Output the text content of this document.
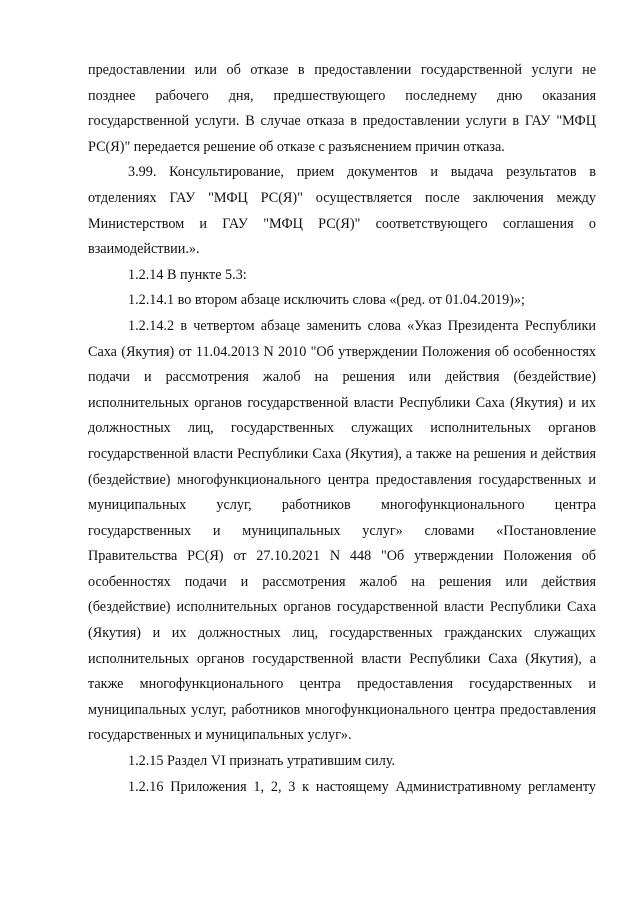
предоставлении или об отказе в предоставлении государственной услуги не позднее рабочего дня, предшествующего последнему дню оказания государственной услуги. В случае отказа в предоставлении услуги в ГАУ "МФЦ РС(Я)" передается решение об отказе с разъяснением причин отказа.

3.99. Консультирование, прием документов и выдача результатов в отделениях ГАУ "МФЦ РС(Я)" осуществляется после заключения между Министерством и ГАУ "МФЦ РС(Я)" соответствующего соглашения о взаимодействии.».

1.2.14 В пункте 5.3:

1.2.14.1 во втором абзаце исключить слова «(ред. от 01.04.2019)»;

1.2.14.2 в четвертом абзаце заменить слова «Указ Президента Республики Саха (Якутия) от 11.04.2013 N 2010 "Об утверждении Положения об особенностях подачи и рассмотрения жалоб на решения или действия (бездействие) исполнительных органов государственной власти Республики Саха (Якутия) и их должностных лиц, государственных служащих исполнительных органов государственной власти Республики Саха (Якутия), а также на решения и действия (бездействие) многофункционального центра предоставления государственных и муниципальных услуг, работников многофункционального центра государственных и муниципальных услуг» словами «Постановление Правительства РС(Я) от 27.10.2021 N 448 "Об утверждении Положения об особенностях подачи и рассмотрения жалоб на решения или действия (бездействие) исполнительных органов государственной власти Республики Саха (Якутия) и их должностных лиц, государственных гражданских служащих исполнительных органов государственной власти Республики Саха (Якутия), а также многофункционального центра предоставления государственных и муниципальных услуг, работников многофункционального центра предоставления государственных и муниципальных услуг».

1.2.15 Раздел VI признать утратившим силу.

1.2.16 Приложения 1, 2, 3 к настоящему Административному регламенту
